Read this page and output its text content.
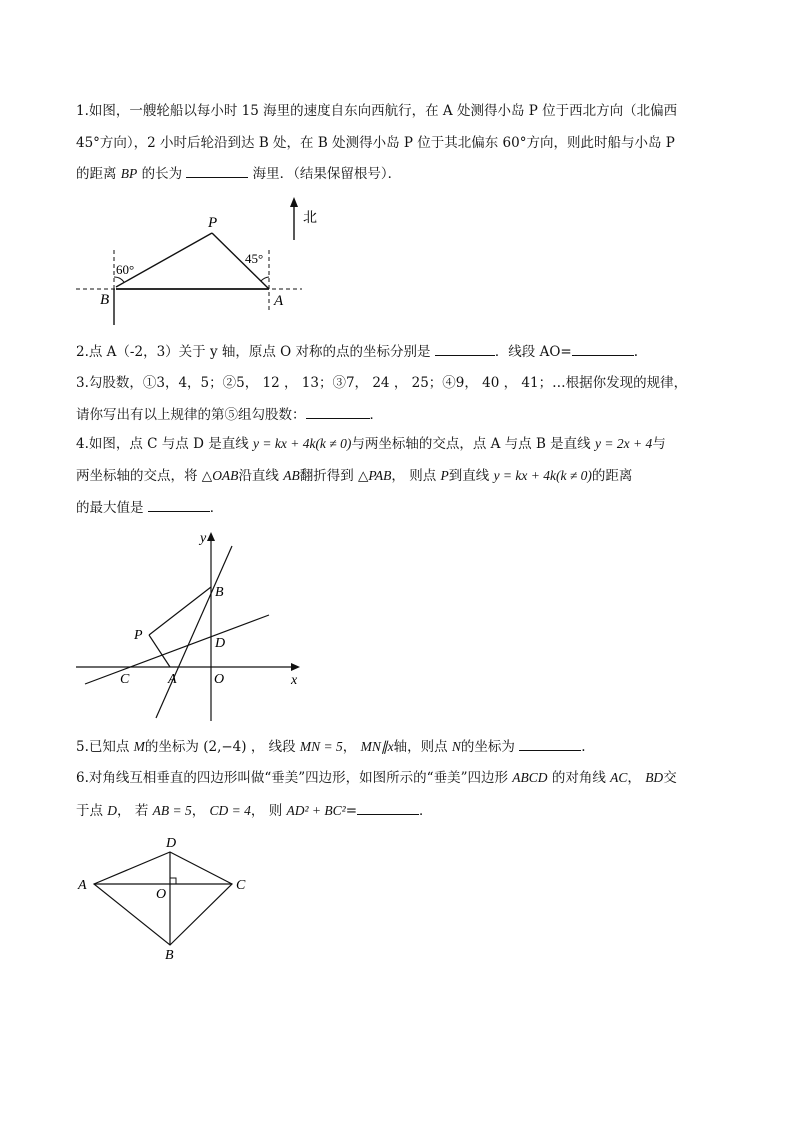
1.如图，一艘轮船以每小时 15 海里的速度自东向西航行，在 A 处测得小岛 P 位于西北方向（北偏西
45°方向），2 小时后轮沿到达 B 处，在 B 处测得小岛 P 位于其北偏东 60°方向，则此时船与小岛 P
的距离 BP 的长为	海里．（结果保留根号）．
北
60°
45°
P
B	A
2.点 A（-2，3）关于 y 轴，原点 O 对称的点的坐标分别是	．线段 AO=	.
3.勾股数，①3，4，5；②5， 12 ， 13；③7， 24 ， 25；④9， 40 ， 41；…根据你发现的规律，
请你写出有以上规律的第⑤组勾股数：	．
4.如图，点 C 与点 D 是直线 y = kx + 4k(k ≠ 0)与两坐标轴的交点，点 A 与点 B 是直线 y = 2x + 4与
两坐标轴的交点，将 △OAB沿直线 AB翻折得到 △PAB， 则点 P到直线 y = kx + 4k(k ≠ 0)的距离
的最大值是	．
y
x
B
P
D
C	A	O
5.已知点 M的坐标为 (2,−4) ， 线段 MN = 5， MN∥x轴，则点 N的坐标为	.
6.对角线互相垂直的四边形叫做“垂美”四边形，如图所示的“垂美”四边形 ABCD 的对角线 AC， BD交
于点 D， 若 AB = 5， CD = 4， 则 AD² + BC²=	．
D
A	C
O
B
